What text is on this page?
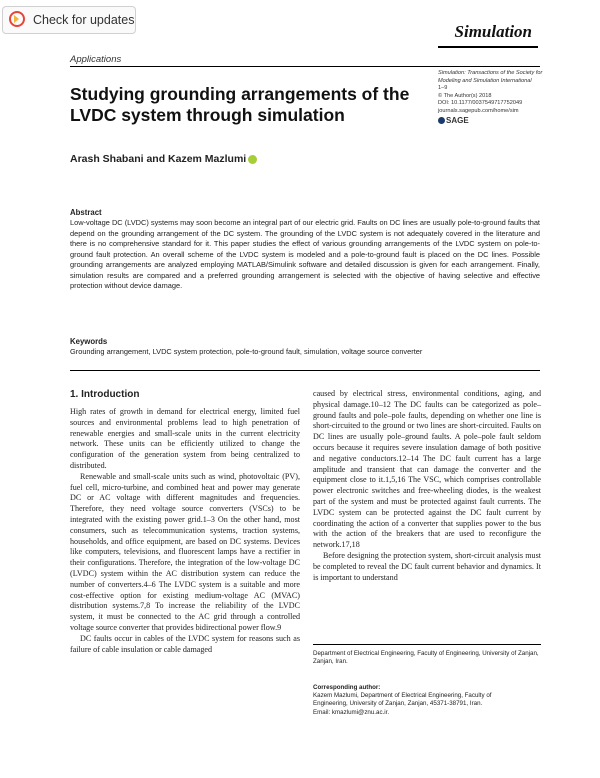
Check for updates
Simulation
Applications
Simulation: Transactions of the Society for
Modeling and Simulation International
1–9
© The Author(s) 2018
DOI: 10.1177/0037549717752049
journals.sagepub.com/home/sim
SAGE
Studying grounding arrangements of the LVDC system through simulation
Arash Shabani and Kazem Mazlumi
Abstract
Low-voltage DC (LVDC) systems may soon become an integral part of our electric grid. Faults on DC lines are usually pole-to-ground faults that depend on the grounding arrangement of the DC system. The grounding of the LVDC system is not adequately covered in the literature and there is no comprehensive standard for it. This paper studies the effect of various grounding arrangements of the LVDC system on pole-to-ground fault protection. An overall scheme of the LVDC system is modeled and a pole-to-ground fault is placed on the DC lines. Possible grounding arrangements are analyzed employing MATLAB/Simulink software and detailed discussion is given for each arrangement. Finally, simulation results are compared and a preferred grounding arrangement is selected with the objective of having selective and effective protection without device damage.
Keywords
Grounding arrangement, LVDC system protection, pole-to-ground fault, simulation, voltage source converter
1. Introduction

High rates of growth in demand for electrical energy, limited fuel sources and environmental problems lead to high penetration of renewable energies and small-scale units in the current electricity network. These units can be efficiently utilized to change the configuration of the generation system from being centralized to distributed.

Renewable and small-scale units such as wind, photovoltaic (PV), fuel cell, micro-turbine, and combined heat and power may generate DC or AC voltage with different magnitudes and frequencies. Therefore, they need voltage source converters (VSCs) to be integrated with the existing power grid.1–3 On the other hand, most consumers, such as telecommunication systems, traction systems, households, and office equipment, are based on DC systems. Devices like computers, televisions, and fluorescent lamps have a rectifier in their configurations. Therefore, the integration of the low-voltage DC (LVDC) system within the AC distribution system can reduce the number of converters.4–6 The LVDC system is a suitable and more cost-effective option for existing medium-voltage AC (MVAC) distribution systems.7,8 To increase the reliability of the LVDC system, it must be connected to the AC grid through a controlled voltage source converter that provides bidirectional power flow.9

DC faults occur in cables of the LVDC system for reasons such as failure of cable insulation or cable damaged

caused by electrical stress, environmental conditions, aging, and physical damage.10–12 The DC faults can be categorized as pole–ground faults and pole–pole faults, depending on whether one line is short-circuited to the ground or two lines are short-circuited. Faults on DC lines are usually pole–ground faults. A pole–pole fault seldom occurs because it requires severe insulation damage of both positive and negative conductors.12–14 The DC fault current has a large amplitude and transient that can damage the converter and the equipment close to it.1,5,16 The VSC, which comprises controllable power electronic switches and free-wheeling diodes, is the weakest part of the system and must be protected against fault currents. The LVDC system can be protected against the DC fault current by coordinating the action of a converter that supplies power to the bus with the action of the breakers that are used to reconfigure the network.17,18

Before designing the protection system, short-circuit analysis must be completed to reveal the DC fault current behavior and dynamics. It is important to understand

Department of Electrical Engineering, Faculty of Engineering, University of Zanjan, Zanjan, Iran.
Corresponding author:
Kazem Mazlumi, Department of Electrical Engineering, Faculty of
Engineering, University of Zanjan, Zanjan, 45371-38791, Iran.
Email: kmazlumi@znu.ac.ir.
